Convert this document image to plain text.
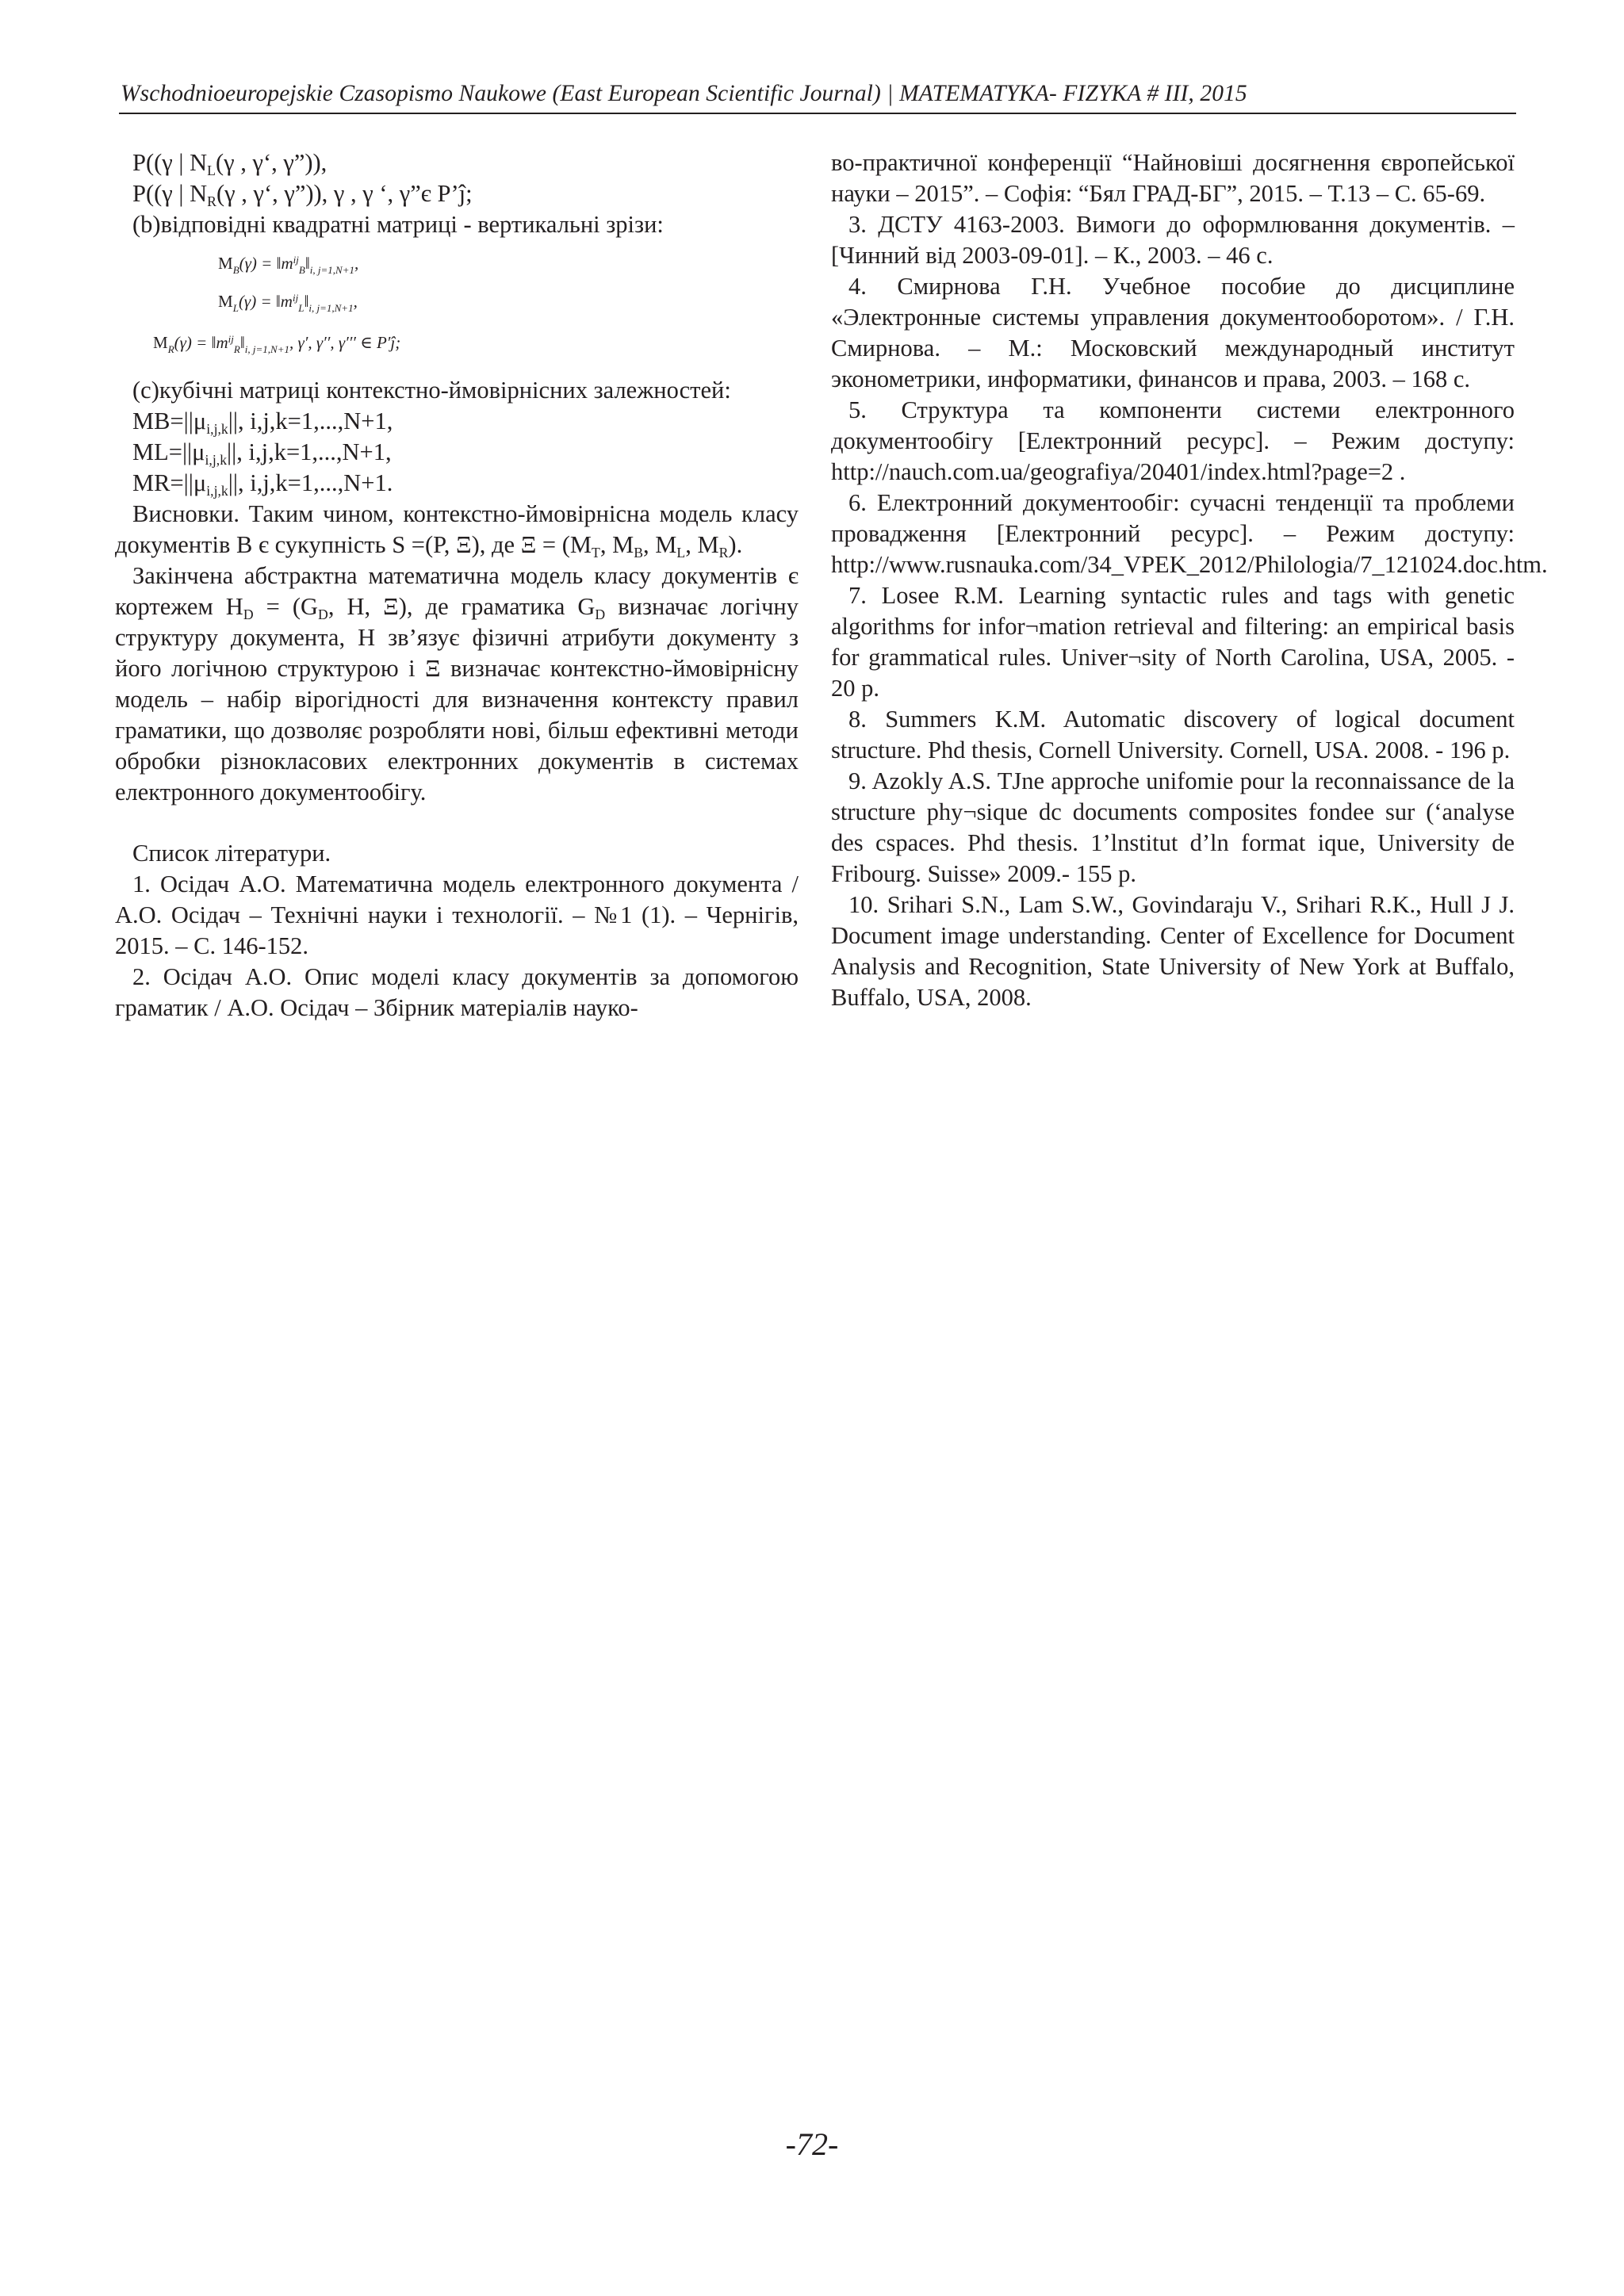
Wschodnioeuropejskie Czasopismo Naukowe (East European Scientific Journal) | MATEMATYKA- FIZYKA # III, 2015

P((γ | $N_L(\gamma$ , γ‘, γ”)),

P((γ | $N_R(\gamma$ , γ‘, γ”)), γ , γ ‘, γ”є P’ĵ;

(b)відповідні квадратні матриці - вертикальні зрізи:

$M_B(\gamma)$ = $‖m^{ij}_B‖_{i, j=1,N+1}$,
$M_L(\gamma)$ = $‖m^{ij}_L‖_{i, j=1,N+1}$,
$M_R(\gamma)$ = $‖m^{ij}_R‖_{i, j=1,N+1}$, γ′, γ′′, γ′′′ ∈ P′ĵ;

(c)кубічні матриці контекстно-ймовірнісних залежностей:

$MB=||\mu_{i,j,k}||$, i,j,k=1,...,N+1,

$ML=||\mu_{i,j,k}||$, i,j,k=1,...,N+1,

$MR=||\mu_{i,j,k}||$, i,j,k=1,...,N+1.

Висновки. Таким чином, контекстно-ймовірнісна модель класу документів B є сукупність S =(P, Ξ), де $\Xi = (M_T$, $M_B$, $M_L$, $M_R$).

Закінчена абстрактна математична модель класу документів є кортежем $H_D = (G_D$, H, Ξ), де граматика $G_D$ визначає логічну структуру документа, H зв’язує фізичні атрибути документу з його логічною структурою і Ξ визначає контекстно-ймовірнісну модель – набір вірогідності для визначення контексту правил граматики, що дозволяє розробляти нові, більш ефективні методи обробки різнокласових електронних документів в системах електронного документообігу.

Список літератури.

1. Осідач А.О. Математична модель електронного документа / А.О. Осідач – Технічні науки і технології. – №1 (1). – Чернігів, 2015. – С. 146-152.

2. Осідач А.О. Опис моделі класу документів за допомогою граматик / А.О. Осідач – Збірник матеріалів науко-

во-практичної конференції “Найновіші досягнення європейської науки – 2015”. – Софія: “Бял ГРАД-БГ”, 2015. – Т.13 – С. 65-69.

3. ДСТУ 4163-2003. Вимоги до оформлювання документів. – [Чинний від 2003-09-01]. – К., 2003. – 46 с.

4. Смирнова Г.Н. Учебное пособие до дисциплине «Электронные системы управления документооборотом». / Г.Н. Смирнова. – М.: Московский международный институт эконометрики, информатики, финансов и права, 2003. – 168 с.

5. Структура та компоненти системи електронного документообігу [Електронний ресурс]. – Режим доступу: http://nauch.com.ua/geografiya/20401/index.html?page=2 .

6. Електронний документообіг: сучасні тенденції та проблеми провадження [Електронний ресурс]. – Режим доступу: http://www.rusnauka.com/34_VPEK_2012/Philologia/7_121024.doc.htm.

7. Losee R.M. Learning syntactic rules and tags with genetic algorithms for infor¬mation retrieval and filtering: an empirical basis for grammatical rules. Univer¬sity of North Carolina, USA, 2005. - 20 p.

8. Summers K.M. Automatic discovery of logical document structure. Phd thesis, Cornell University. Cornell, USA. 2008. - 196 p.

9. Azokly A.S. TJne approche unifomie pour la reconnaissance de la structure phy¬sique dc documents composites fondee sur (‘analyse des cspaces. Phd thesis. 1’lnstitut d’ln format ique, University de Fribourg. Suisse» 2009.- 155 p.

10. Srihari S.N., Lam S.W., Govindaraju V., Srihari R.K., Hull J J. Document image understanding. Center of Excellence for Document Analysis and Recognition, State University of New York at Buffalo, Buffalo, USA, 2008.

-72-
